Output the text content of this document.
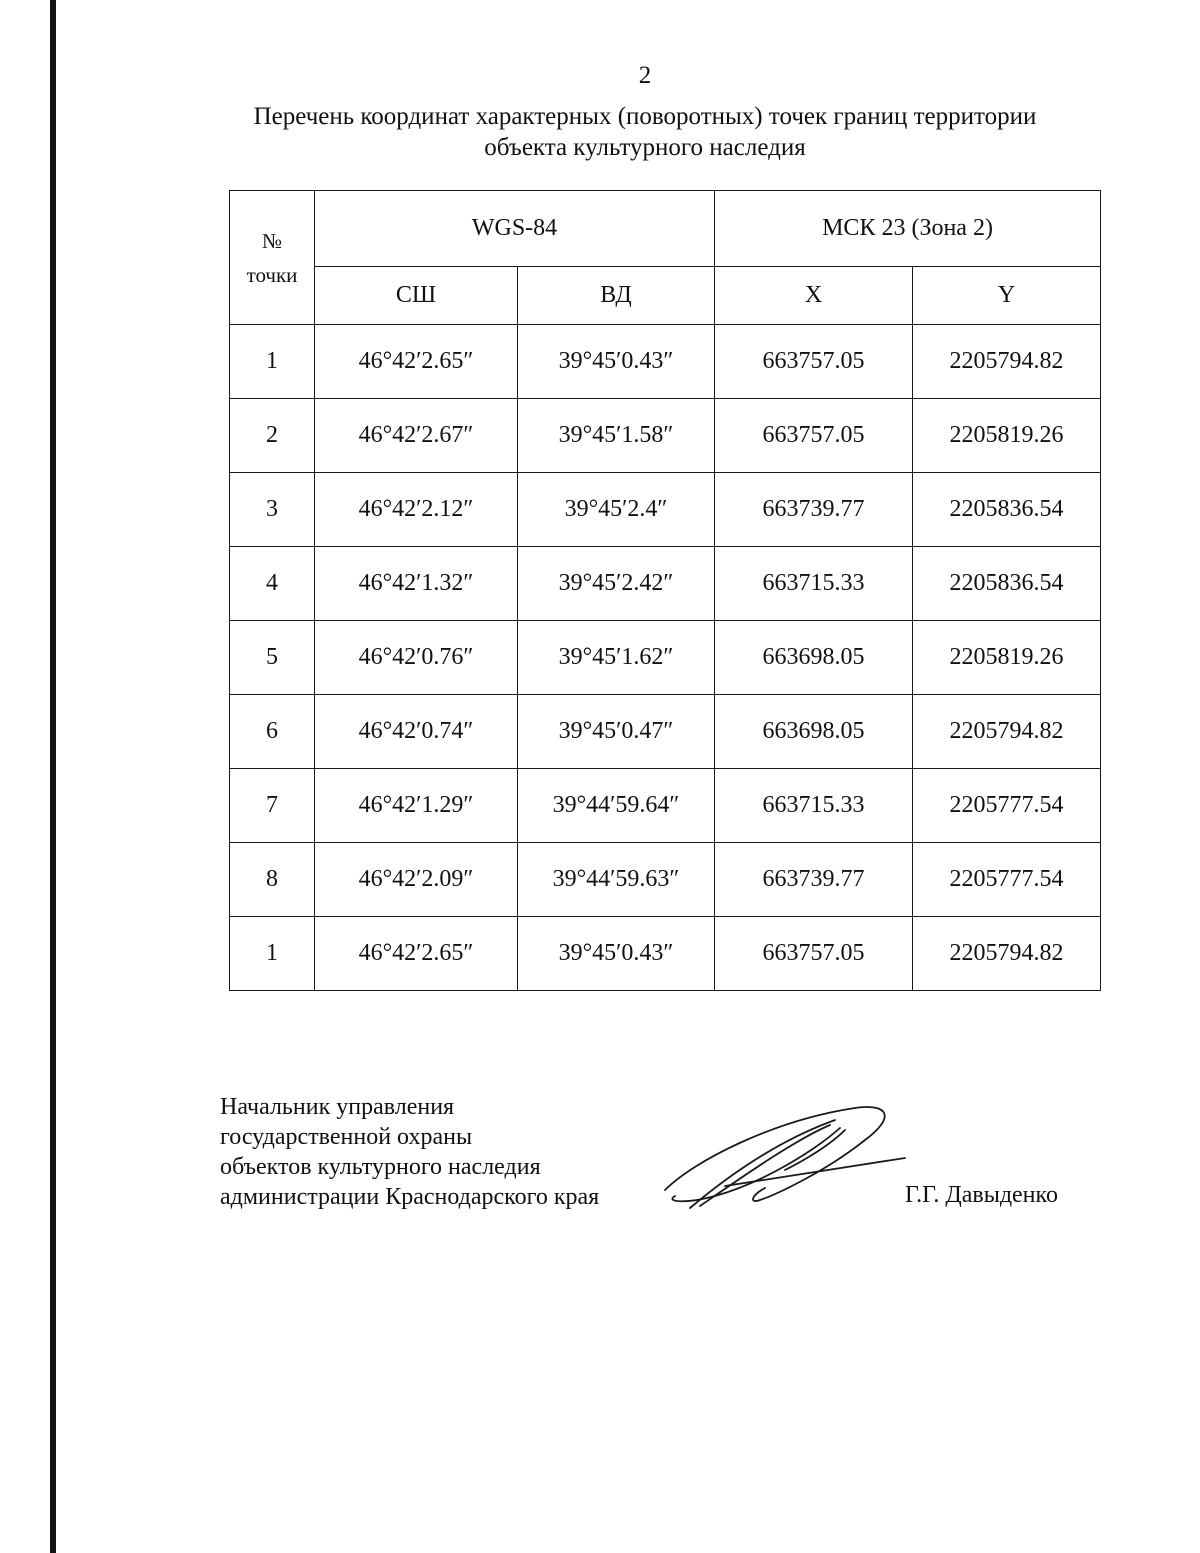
2
Перечень координат характерных (поворотных) точек границ территории
объекта культурного наследия
№
точки	WGS-84		МСК 23 (Зона 2)	
	СШ	ВД	X	Y
1	46°42′2.65″	39°45′0.43″	663757.05	2205794.82
2	46°42′2.67″	39°45′1.58″	663757.05	2205819.26
3	46°42′2.12″	39°45′2.4″	663739.77	2205836.54
4	46°42′1.32″	39°45′2.42″	663715.33	2205836.54
5	46°42′0.76″	39°45′1.62″	663698.05	2205819.26
6	46°42′0.74″	39°45′0.47″	663698.05	2205794.82
7	46°42′1.29″	39°44′59.64″	663715.33	2205777.54
8	46°42′2.09″	39°44′59.63″	663739.77	2205777.54
1	46°42′2.65″	39°45′0.43″	663757.05	2205794.82
Начальник управления
государственной охраны
объектов культурного наследия
администрации Краснодарского края	Г.Г. Давыденко
